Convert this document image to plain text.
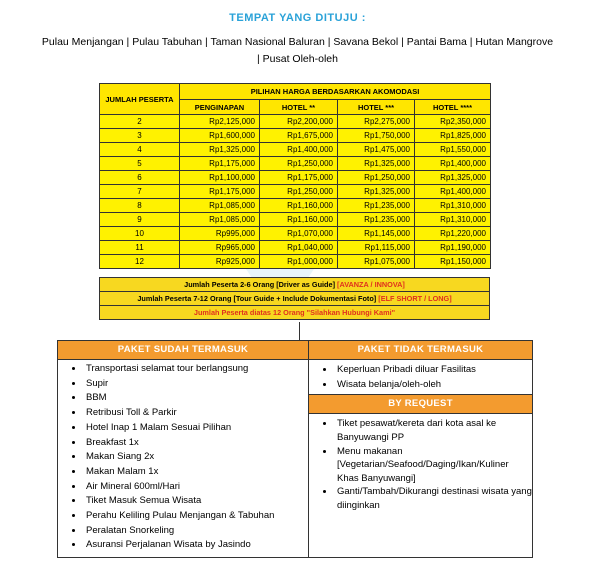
TEMPAT YANG DITUJU :
Pulau Menjangan | Pulau Tabuhan | Taman Nasional Baluran | Savana Bekol | Pantai Bama | Hutan Mangrove | Pusat Oleh-oleh
JUMLAH PESERTA	PILIHAN HARGA BERDASARKAN AKOMODASI			
	PENGINAPAN	HOTEL **	HOTEL ***	HOTEL ****
2	Rp2,125,000	Rp2,200,000	Rp2,275,000	Rp2,350,000
3	Rp1,600,000	Rp1,675,000	Rp1,750,000	Rp1,825,000
4	Rp1,325,000	Rp1,400,000	Rp1,475,000	Rp1,550,000
5	Rp1,175,000	Rp1,250,000	Rp1,325,000	Rp1,400,000
6	Rp1,100,000	Rp1,175,000	Rp1,250,000	Rp1,325,000
7	Rp1,175,000	Rp1,250,000	Rp1,325,000	Rp1,400,000
8	Rp1,085,000	Rp1,160,000	Rp1,235,000	Rp1,310,000
9	Rp1,085,000	Rp1,160,000	Rp1,235,000	Rp1,310,000
10	Rp995,000	Rp1,070,000	Rp1,145,000	Rp1,220,000
11	Rp965,000	Rp1,040,000	Rp1,115,000	Rp1,190,000
12	Rp925,000	Rp1,000,000	Rp1,075,000	Rp1,150,000
Jumlah Peserta 2-6 Orang [Driver as Guide] [AVANZA / INNOVA]
Jumlah Peserta 7-12 Orang [Tour Guide + Include Dokumentasi Foto] [ELF SHORT / LONG]
Jumlah Peserta diatas 12 Orang "Silahkan Hubungi Kami"
PAKET SUDAH TERMASUK
• Transportasi selamat tour berlangsung
• Supir
• BBM
• Retribusi Toll & Parkir
• Hotel Inap 1 Malam Sesuai Pilihan
• Breakfast 1x
• Makan Siang 2x
• Makan Malam 1x
• Air Mineral 600ml/Hari
• Tiket Masuk Semua Wisata
• Perahu Keliling Pulau Menjangan & Tabuhan
• Peralatan Snorkeling
• Asuransi Perjalanan Wisata by Jasindo
PAKET TIDAK TERMASUK
• Keperluan Pribadi diluar Fasilitas
• Wisata belanja/oleh-oleh
BY REQUEST
• Tiket pesawat/kereta dari kota asal ke Banyuwangi PP
• Menu makanan [Vegetarian/Seafood/Daging/Ikan/Kuliner Khas Banyuwangi]
• Ganti/Tambah/Dikurangi destinasi wisata yang diinginkan
